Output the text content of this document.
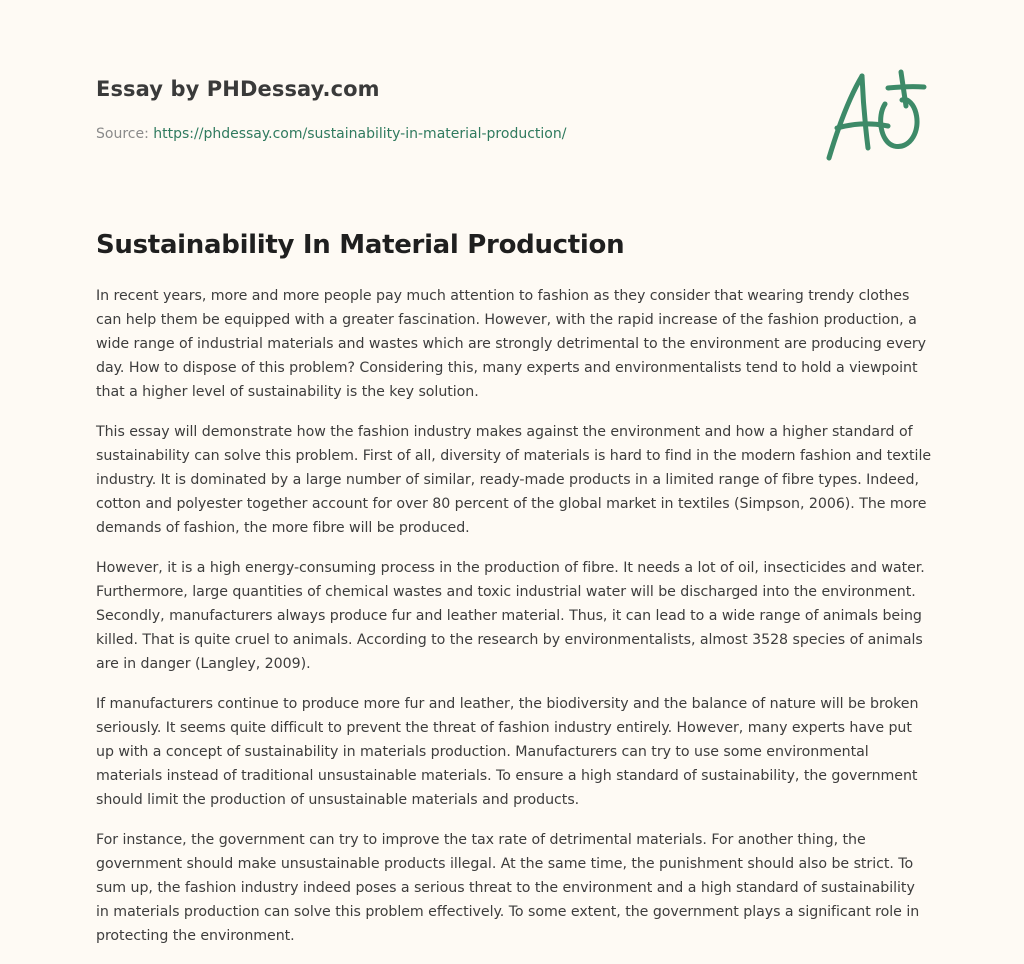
Essay by PHDessay.com
Source: https://phdessay.com/sustainability-in-material-production/
Sustainability In Material Production

In recent years, more and more people pay much attention to fashion as they consider that wearing trendy clothes can help them be equipped with a greater fascination. However, with the rapid increase of the fashion production, a wide range of industrial materials and wastes which are strongly detrimental to the environment are producing every day. How to dispose of this problem? Considering this, many experts and environmentalists tend to hold a viewpoint that a higher level of sustainability is the key solution.

This essay will demonstrate how the fashion industry makes against the environment and how a higher standard of sustainability can solve this problem. First of all, diversity of materials is hard to find in the modern fashion and textile industry. It is dominated by a large number of similar, ready-made products in a limited range of fibre types. Indeed, cotton and polyester together account for over 80 percent of the global market in textiles (Simpson, 2006). The more demands of fashion, the more fibre will be produced.

However, it is a high energy-consuming process in the production of fibre. It needs a lot of oil, insecticides and water. Furthermore, large quantities of chemical wastes and toxic industrial water will be discharged into the environment. Secondly, manufacturers always produce fur and leather material. Thus, it can lead to a wide range of animals being killed. That is quite cruel to animals. According to the research by environmentalists, almost 3528 species of animals are in danger (Langley, 2009).

If manufacturers continue to produce more fur and leather, the biodiversity and the balance of nature will be broken seriously. It seems quite difficult to prevent the threat of fashion industry entirely. However, many experts have put up with a concept of sustainability in materials production. Manufacturers can try to use some environmental materials instead of traditional unsustainable materials. To ensure a high standard of sustainability, the government should limit the production of unsustainable materials and products.

For instance, the government can try to improve the tax rate of detrimental materials. For another thing, the government should make unsustainable products illegal. At the same time, the punishment should also be strict. To sum up, the fashion industry indeed poses a serious threat to the environment and a high standard of sustainability in materials production can solve this problem effectively. To some extent, the government plays a significant role in protecting the environment.
